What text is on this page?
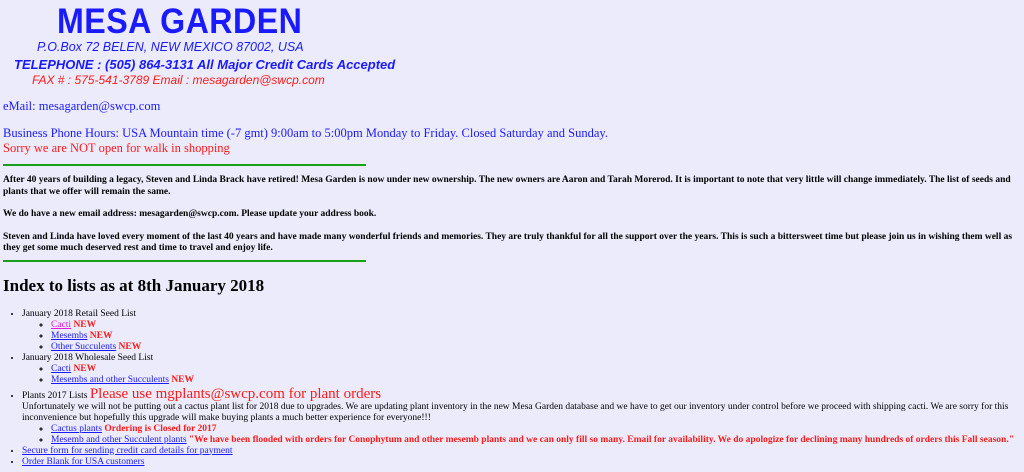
MESA GARDEN
P.O.Box 72 BELEN, NEW MEXICO 87002, USA
TELEPHONE : (505) 864-3131 All Major Credit Cards Accepted
FAX # : 575-541-3789 Email : mesagarden@swcp.com

eMail: mesagarden@swcp.com

Business Phone Hours: USA Mountain time (-7 gmt) 9:00am to 5:00pm Monday to Friday. Closed Saturday and Sunday.

Sorry we are NOT open for walk in shopping

After 40 years of building a legacy, Steven and Linda Brack have retired! Mesa Garden is now under new ownership. The new owners are Aaron and Tarah Morerod. It is important to note that very little will change immediately. The list of seeds and plants that we offer will remain the same.

We do have a new email address: mesagarden@swcp.com. Please update your address book.

Steven and Linda have loved every moment of the last 40 years and have made many wonderful friends and memories. They are truly thankful for all the support over the years. This is such a bittersweet time but please join us in wishing them well as they get some much deserved rest and time to travel and enjoy life.

Index to lists as at 8th January 2018
• January 2018 Retail Seed List
◦ Cacti NEW
◦ Mesembs NEW
◦ Other Succulents NEW
• January 2018 Wholesale Seed List
◦ Cacti NEW
◦ Mesembs and other Succulents NEW
• Plants 2017 Lists Please use mgplants@swcp.com for plant orders
Unfortunately we will not be putting out a cactus plant list for 2018 due to upgrades. We are updating plant inventory in the new Mesa Garden database and we have to get our inventory under control before we proceed with shipping cacti. We are sorry for this inconvenience but hopefully this upgrade will make buying plants a much better experience for everyone!!!
◦ Cactus plants Ordering is Closed for 2017
◦ Mesemb and other Succulent plants "We have been flooded with orders for Conophytum and other mesemb plants and we can only fill so many. Email for availability. We do apologize for declining many hundreds of orders this Fall season."
• Secure form for sending credit card details for payment
• Order Blank for USA customers
